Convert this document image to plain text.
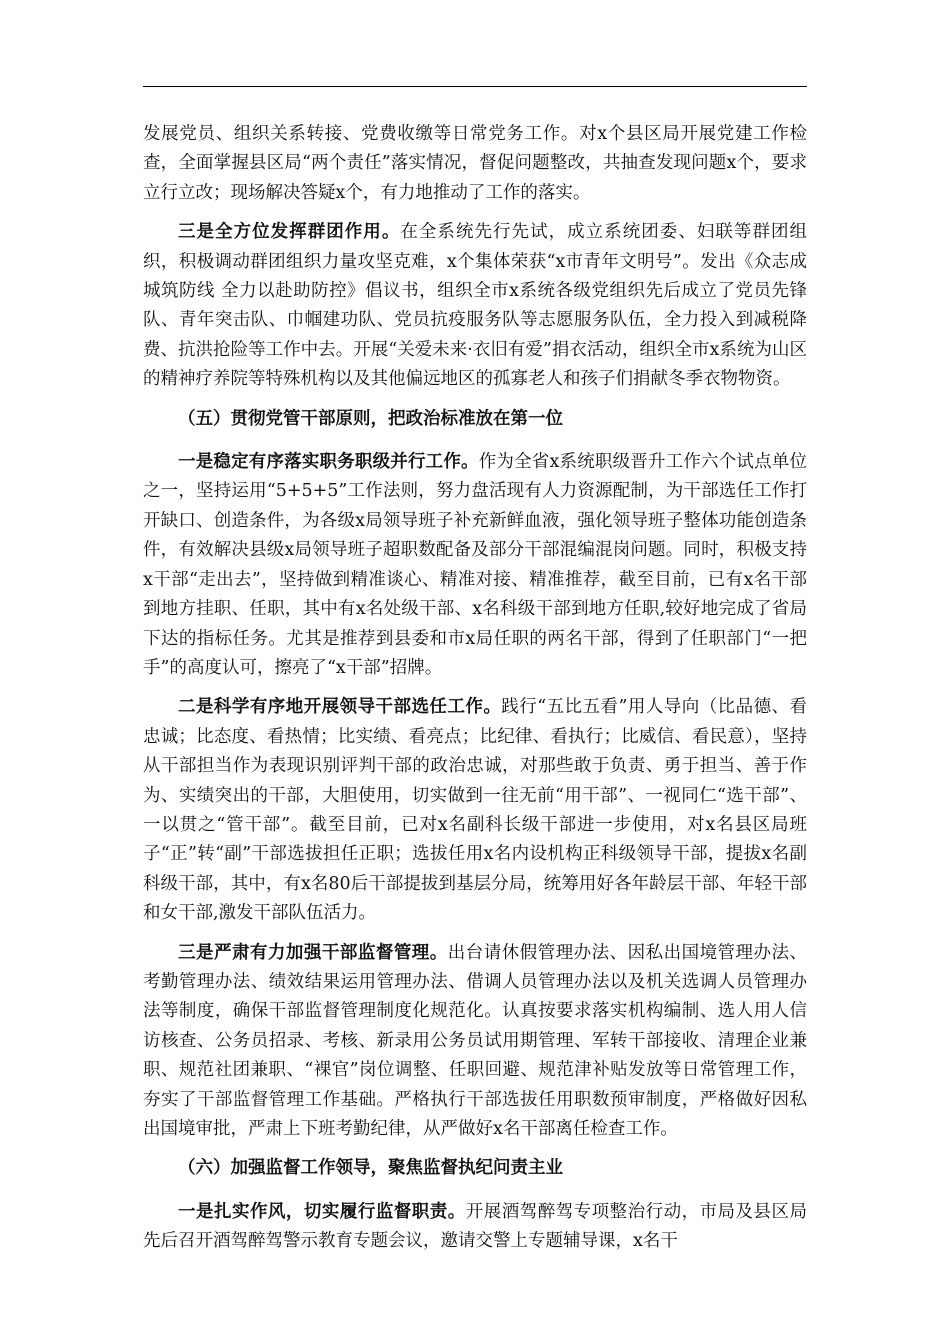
发展党员、组织关系转接、党费收缴等日常党务工作。对x个县区局开展党建工作检查，全面掌握县区局“两个责任”落实情况，督促问题整改，共抽查发现问题x个，要求立行立改；现场解决答疑x个，有力地推动了工作的落实。

三是全方位发挥群团作用。在全系统先行先试，成立系统团委、妇联等群团组织，积极调动群团组织力量攻坚克难，x个集体荣获“x市青年文明号”。发出《众志成城筑防线 全力以赴助防控》倡议书，组织全市x系统各级党组织先后成立了党员先锋队、青年突击队、巾帼建功队、党员抗疫服务队等志愿服务队伍，全力投入到减税降费、抗洪抢险等工作中去。开展“关爱未来·衣旧有爱”捐衣活动，组织全市x系统为山区的精神疗养院等特殊机构以及其他偏远地区的孤寡老人和孩子们捐献冬季衣物物资。

（五）贯彻党管干部原则，把政治标准放在第一位

一是稳定有序落实职务职级并行工作。作为全省x系统职级晋升工作六个试点单位之一，坚持运用“5+5+5”工作法则，努力盘活现有人力资源配制，为干部选任工作打开缺口、创造条件，为各级x局领导班子补充新鲜血液，强化领导班子整体功能创造条件，有效解决县级x局领导班子超职数配备及部分干部混编混岗问题。同时，积极支持x干部“走出去”，坚持做到精准谈心、精准对接、精准推荐，截至目前，已有x名干部到地方挂职、任职，其中有x名处级干部、x名科级干部到地方任职,较好地完成了省局下达的指标任务。尤其是推荐到县委和市x局任职的两名干部，得到了任职部门“一把手”的高度认可，擦亮了“x干部”招牌。

二是科学有序地开展领导干部选任工作。践行“五比五看”用人导向（比品德、看忠诚；比态度、看热情；比实绩、看亮点；比纪律、看执行；比威信、看民意），坚持从干部担当作为表现识别评判干部的政治忠诚，对那些敢于负责、勇于担当、善于作为、实绩突出的干部，大胆使用，切实做到一往无前“用干部”、一视同仁“选干部”、一以贯之“管干部”。截至目前，已对x名副科长级干部进一步使用，对x名县区局班子“正”转“副”干部选拔担任正职；选拔任用x名内设机构正科级领导干部，提拔x名副科级干部，其中，有x名80后干部提拔到基层分局，统筹用好各年龄层干部、年轻干部和女干部,激发干部队伍活力。

三是严肃有力加强干部监督管理。出台请休假管理办法、因私出国境管理办法、考勤管理办法、绩效结果运用管理办法、借调人员管理办法以及机关选调人员管理办法等制度，确保干部监督管理制度化规范化。认真按要求落实机构编制、选人用人信访核查、公务员招录、考核、新录用公务员试用期管理、军转干部接收、清理企业兼职、规范社团兼职、“裸官”岗位调整、任职回避、规范津补贴发放等日常管理工作，夯实了干部监督管理工作基础。严格执行干部选拔任用职数预审制度，严格做好因私出国境审批，严肃上下班考勤纪律，从严做好x名干部离任检查工作。

（六）加强监督工作领导，聚焦监督执纪问责主业

一是扎实作风，切实履行监督职责。开展酒驾醉驾专项整治行动，市局及县区局先后召开酒驾醉驾警示教育专题会议，邀请交警上专题辅导课，x名干
